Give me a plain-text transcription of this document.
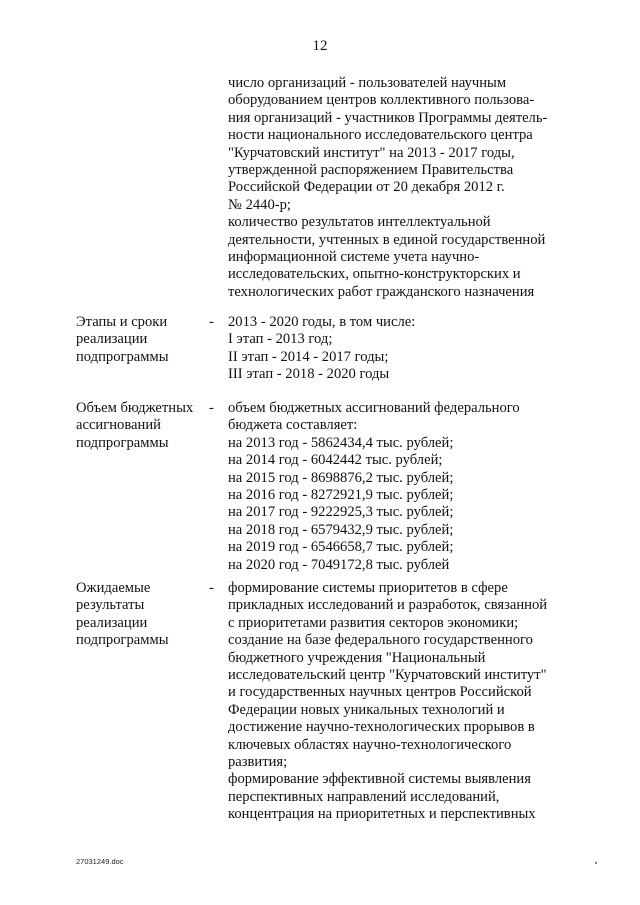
12
число организаций - пользователей научным
оборудованием центров коллективного пользова-
ния организаций - участников Программы деятель-
ности национального исследовательского центра
"Курчатовский институт" на 2013 - 2017 годы,
утвержденной распоряжением Правительства
Российской Федерации от 20 декабря 2012 г.
№ 2440-р;
количество результатов интеллектуальной
деятельности, учтенных в единой государственной
информационной системе учета научно-
исследовательских, опытно-конструкторских и
технологических работ гражданского назначения
Этапы и сроки
реализации
подпрограммы
- 2013 - 2020 годы, в том числе:
I этап - 2013 год;
II этап - 2014 - 2017 годы;
III этап - 2018 - 2020 годы
Объем бюджетных
ассигнований
подпрограммы
- объем бюджетных ассигнований федерального
бюджета составляет:
на 2013 год - 5862434,4 тыс. рублей;
на 2014 год - 6042442 тыс. рублей;
на 2015 год - 8698876,2 тыс. рублей;
на 2016 год - 8272921,9 тыс. рублей;
на 2017 год - 9222925,3 тыс. рублей;
на 2018 год - 6579432,9 тыс. рублей;
на 2019 год - 6546658,7 тыс. рублей;
на 2020 год - 7049172,8 тыс. рублей
Ожидаемые
результаты
реализации
подпрограммы
- формирование системы приоритетов в сфере
прикладных исследований и разработок, связанной
с приоритетами развития секторов экономики;
создание на базе федерального государственного
бюджетного учреждения "Национальный
исследовательский центр "Курчатовский институт"
и государственных научных центров Российской
Федерации новых уникальных технологий и
достижение научно-технологических прорывов в
ключевых областях научно-технологического
развития;
формирование эффективной системы выявления
перспективных направлений исследований,
концентрация на приоритетных и перспективных
27031249.doc
